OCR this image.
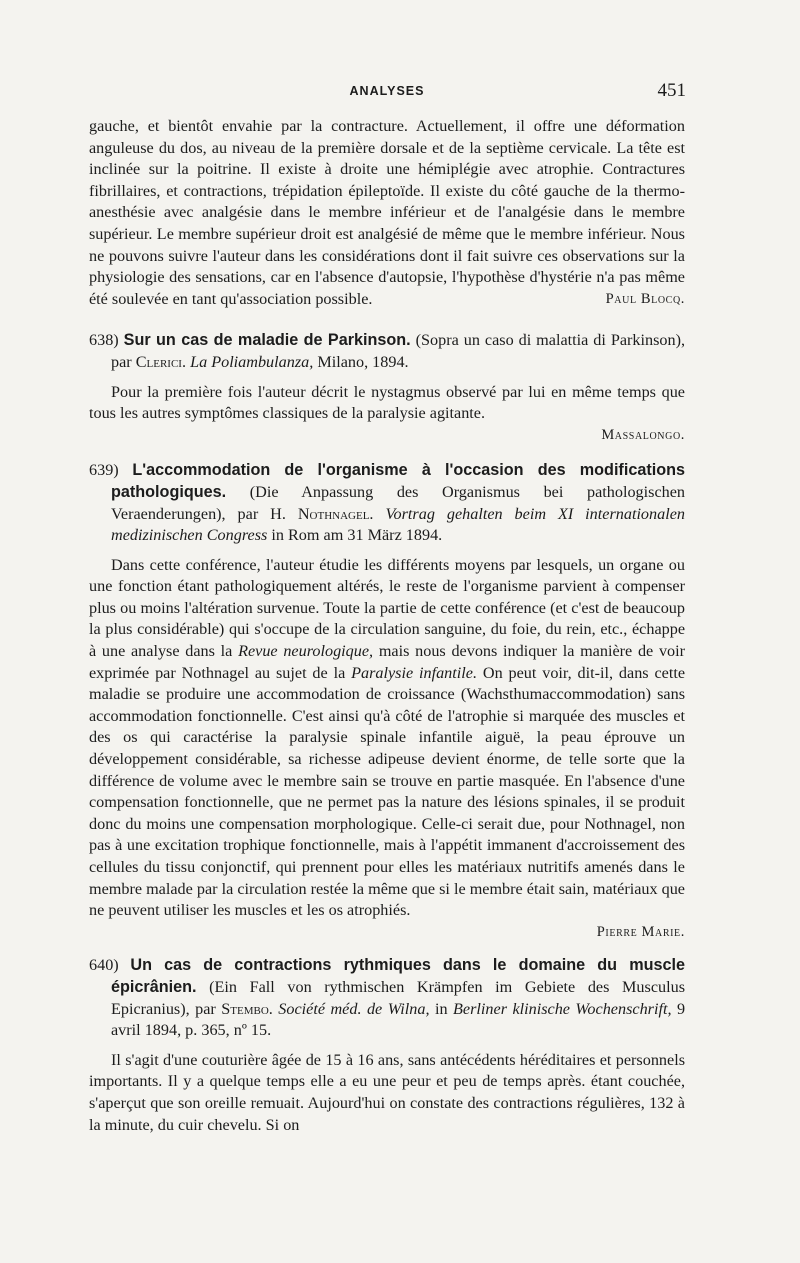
ANALYSES	451

gauche, et bientôt envahie par la contracture. Actuellement, il offre une déformation anguleuse du dos, au niveau de la première dorsale et de la septième cervicale. La tête est inclinée sur la poitrine. Il existe à droite une hémiplégie avec atrophie. Contractures fibrillaires, et contractions, trépidation épileptoïde. Il existe du côté gauche de la thermo-anesthésie avec analgésie dans le membre inférieur et de l'analgésie dans le membre supérieur. Le membre supérieur droit est analgésié de même que le membre inférieur. Nous ne pouvons suivre l'auteur dans les considérations dont il fait suivre ces observations sur la physiologie des sensations, car en l'absence d'autopsie, l'hypothèse d'hystérie n'a pas même été soulevée en tant qu'association possible.	Paul Blocq.

638) Sur un cas de maladie de Parkinson. (Sopra un caso di malattia di Parkinson), par Clerici. La Poliambulanza, Milano, 1894.

Pour la première fois l'auteur décrit le nystagmus observé par lui en même temps que tous les autres symptômes classiques de la paralysie agitante.

Massalongo.

639) L'accommodation de l'organisme à l'occasion des modifications pathologiques. (Die Anpassung des Organismus bei pathologischen Veraenderungen), par H. Nothnagel. Vortrag gehalten beim XI internationalen medizinischen Congress in Rom am 31 März 1894.

Dans cette conférence, l'auteur étudie les différents moyens par lesquels, un organe ou une fonction étant pathologiquement altérés, le reste de l'organisme parvient à compenser plus ou moins l'altération survenue. Toute la partie de cette conférence (et c'est de beaucoup la plus considérable) qui s'occupe de la circulation sanguine, du foie, du rein, etc., échappe à une analyse dans la Revue neurologique, mais nous devons indiquer la manière de voir exprimée par Nothnagel au sujet de la Paralysie infantile. On peut voir, dit-il, dans cette maladie se produire une accommodation de croissance (Wachsthumaccommodation) sans accommodation fonctionnelle. C'est ainsi qu'à côté de l'atrophie si marquée des muscles et des os qui caractérise la paralysie spinale infantile aiguë, la peau éprouve un développement considérable, sa richesse adipeuse devient énorme, de telle sorte que la différence de volume avec le membre sain se trouve en partie masquée. En l'absence d'une compensation fonctionnelle, que ne permet pas la nature des lésions spinales, il se produit donc du moins une compensation morphologique. Celle-ci serait due, pour Nothnagel, non pas à une excitation trophique fonctionnelle, mais à l'appétit immanent d'accroissement des cellules du tissu conjonctif, qui prennent pour elles les matériaux nutritifs amenés dans le membre malade par la circulation restée la même que si le membre était sain, matériaux que ne peuvent utiliser les muscles et les os atrophiés.

Pierre Marie.

640) Un cas de contractions rythmiques dans le domaine du muscle épicrânien. (Ein Fall von rythmischen Krämpfen im Gebiete des Musculus Epicranius), par Stembo. Société méd. de Wilna, in Berliner klinische Wochenschrift, 9 avril 1894, p. 365, nº 15.

Il s'agit d'une couturière âgée de 15 à 16 ans, sans antécédents héréditaires et personnels importants. Il y a quelque temps elle a eu une peur et peu de temps après. étant couchée, s'aperçut que son oreille remuait. Aujourd'hui on constate des contractions régulières, 132 à la minute, du cuir chevelu. Si on
